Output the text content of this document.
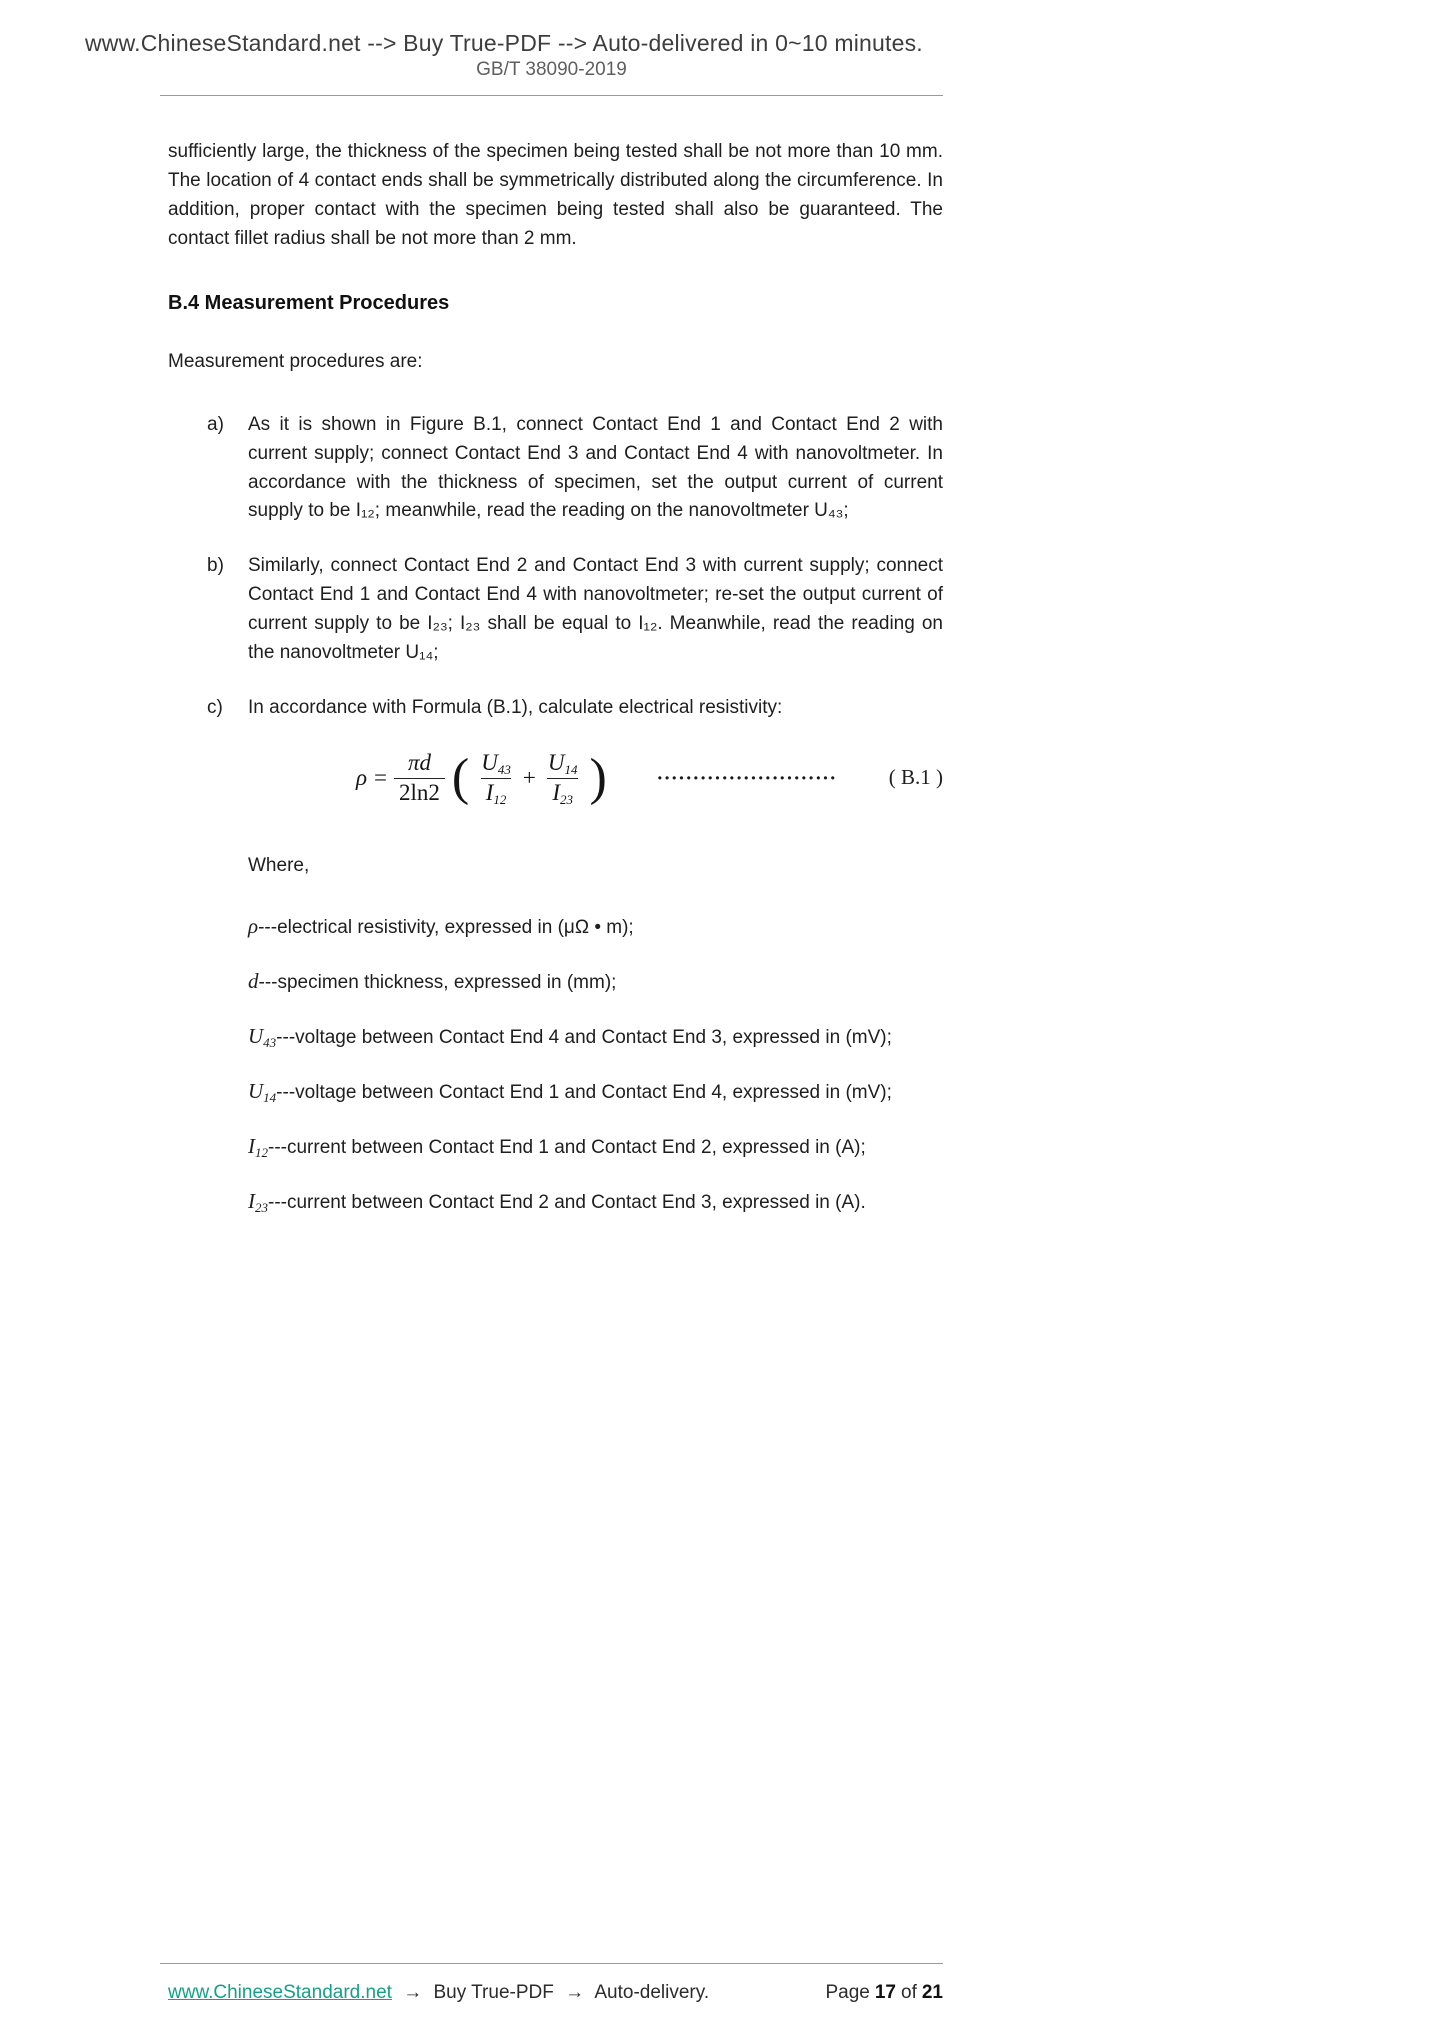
www.ChineseStandard.net --> Buy True-PDF --> Auto-delivered in 0~10 minutes.
GB/T 38090-2019

sufficiently large, the thickness of the specimen being tested shall be not more than 10 mm. The location of 4 contact ends shall be symmetrically distributed along the circumference. In addition, proper contact with the specimen being tested shall also be guaranteed. The contact fillet radius shall be not more than 2 mm.

B.4 Measurement Procedures

Measurement procedures are:

a)	As it is shown in Figure B.1, connect Contact End 1 and Contact End 2 with current supply; connect Contact End 3 and Contact End 4 with nanovoltmeter. In accordance with the thickness of specimen, set the output current of current supply to be I₁₂; meanwhile, read the reading on the nanovoltmeter U₄₃;
b)	Similarly, connect Contact End 2 and Contact End 3 with current supply; connect Contact End 1 and Contact End 4 with nanovoltmeter; re-set the output current of current supply to be I₂₃; I₂₃ shall be equal to I₁₂. Meanwhile, read the reading on the nanovoltmeter U₁₄;
c)	In accordance with Formula (B.1), calculate electrical resistivity:
$\rho = \frac{\pi d}{2\ln 2}$ ( $\frac{U43}{I12} + \frac{U14}{I23}$ )	•••••••••••••••••••••••••	( B.1 )

Where,

ρ---electrical resistivity, expressed in (μΩ • m);
d---specimen thickness, expressed in (mm);
$U_{43}--$-voltage between Contact End 4 and Contact End 3, expressed in (mV);
$U_{14}--$-voltage between Contact End 1 and Contact End 4, expressed in (mV);
$I_{12}--$-current between Contact End 1 and Contact End 2, expressed in (A);
$I_{23}--$-current between Contact End 2 and Contact End 3, expressed in (A).
www.ChineseStandard.net → Buy True-PDF → Auto-delivery.	Page 17 of 21
